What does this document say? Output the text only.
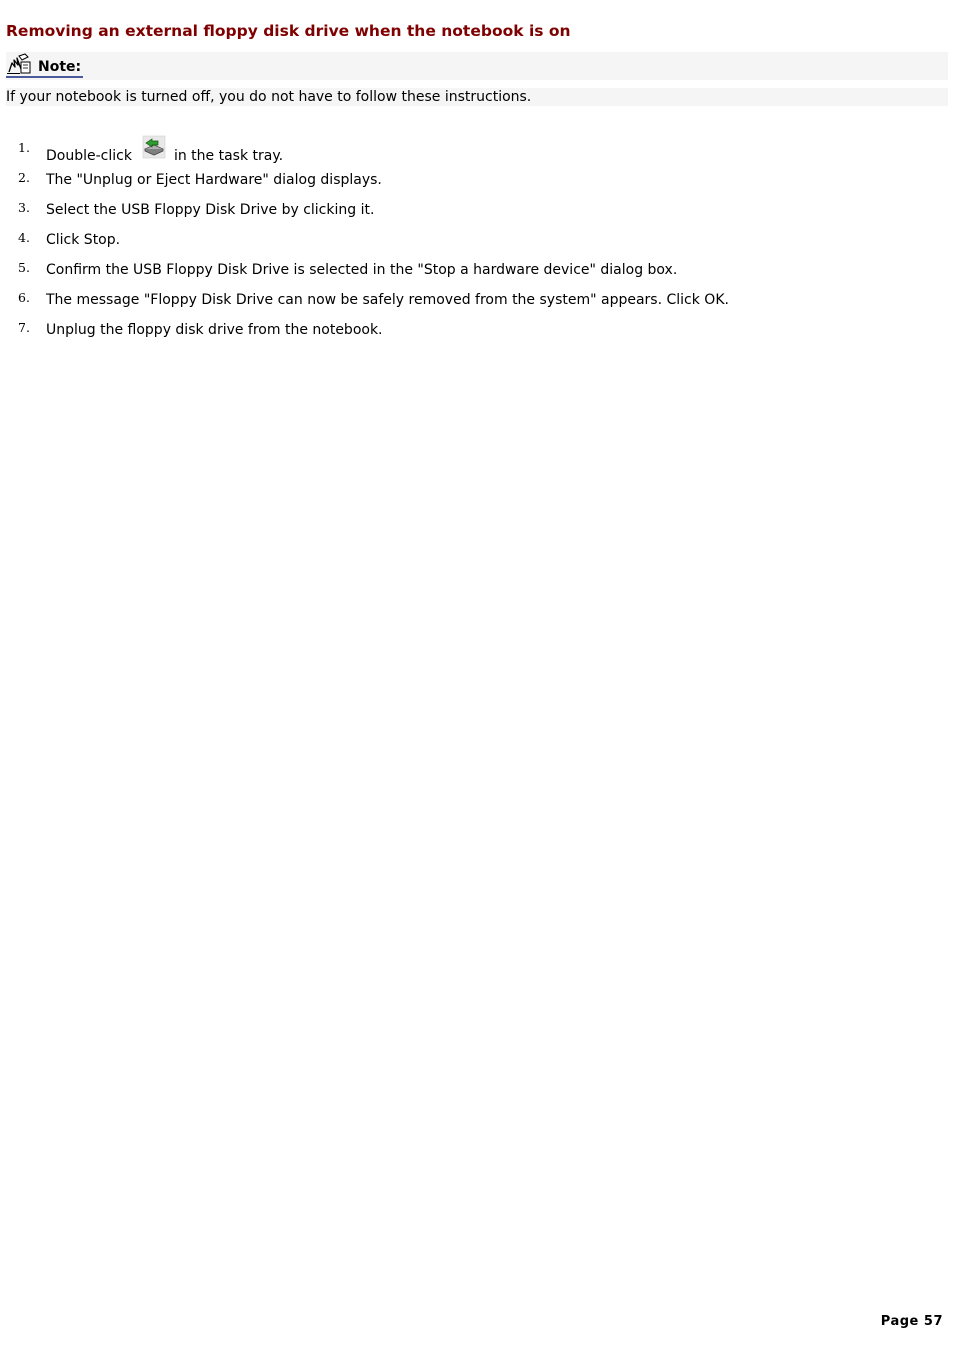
Removing an external floppy disk drive when the notebook is on
Note:
If your notebook is turned off, you do not have to follow these instructions.
1.
Double-click	in the task tray.
2. The "Unplug or Eject Hardware" dialog displays.
3. Select the USB Floppy Disk Drive by clicking it.
4. Click Stop.
5. Confirm the USB Floppy Disk Drive is selected in the "Stop a hardware device" dialog box.
6. The message "Floppy Disk Drive can now be safely removed from the system" appears. Click OK.
7. Unplug the floppy disk drive from the notebook.
Page 57
